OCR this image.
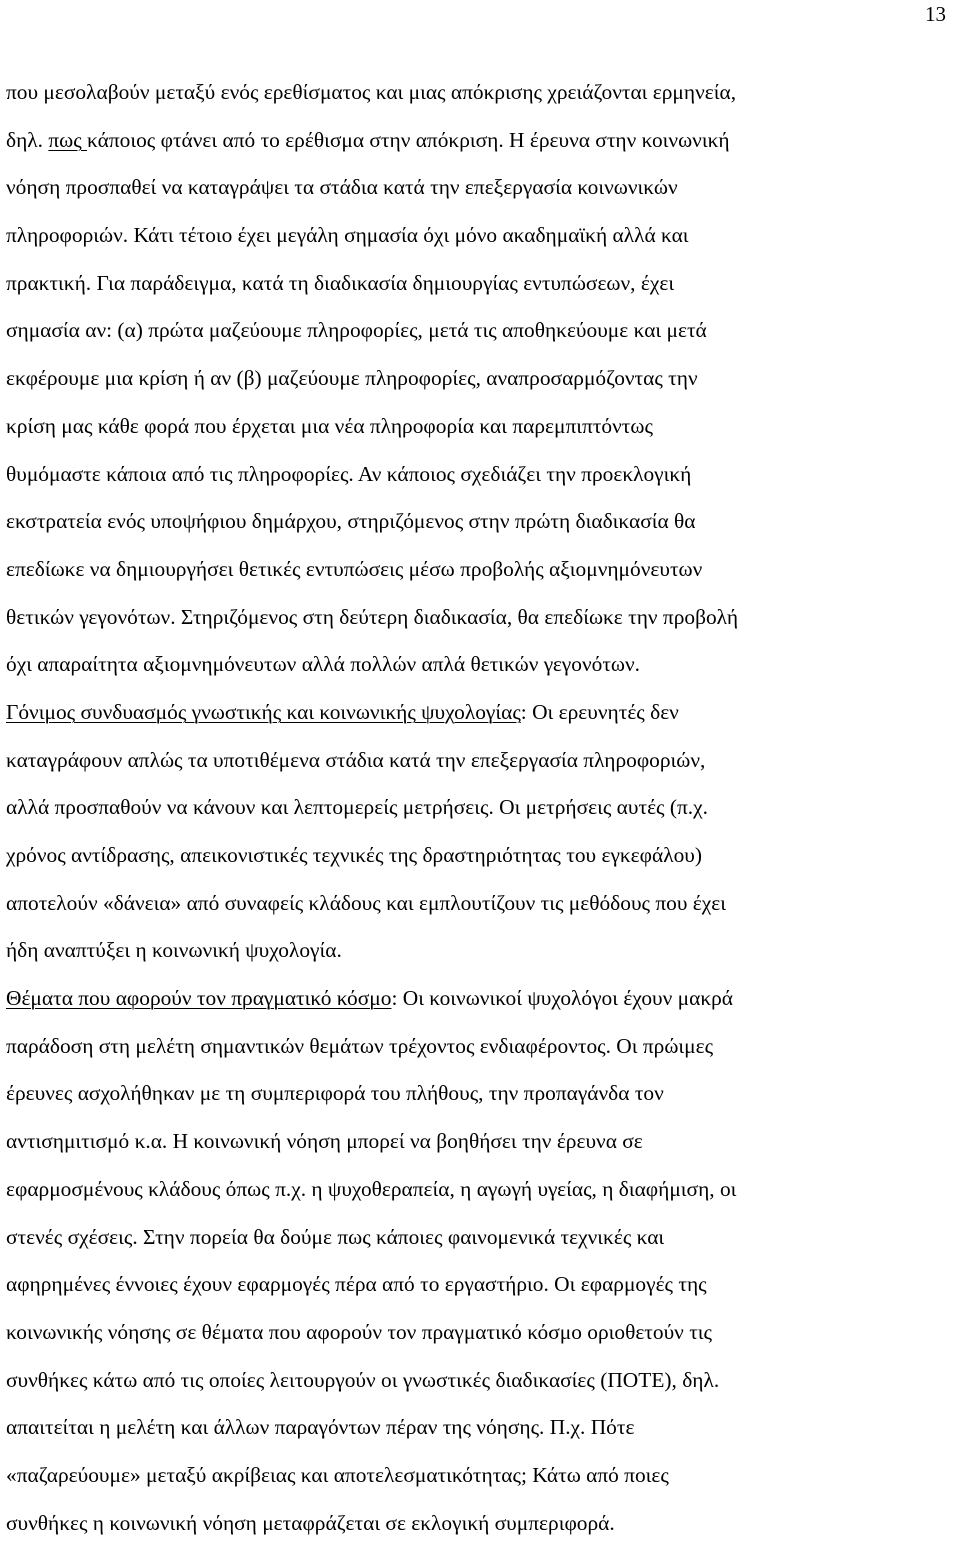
13
που μεσολαβούν μεταξύ ενός ερεθίσματος και μιας απόκρισης χρειάζονται ερμηνεία,
δηλ. πως κάποιος φτάνει από το ερέθισμα στην απόκριση. Η έρευνα στην κοινωνική
νόηση προσπαθεί να καταγράψει τα στάδια κατά την επεξεργασία κοινωνικών
πληροφοριών. Κάτι τέτοιο έχει μεγάλη σημασία όχι μόνο ακαδημαϊκή αλλά και
πρακτική. Για παράδειγμα, κατά τη διαδικασία δημιουργίας εντυπώσεων, έχει
σημασία αν: (α) πρώτα μαζεύουμε πληροφορίες, μετά τις αποθηκεύουμε και μετά
εκφέρουμε μια κρίση ή αν (β) μαζεύουμε πληροφορίες, αναπροσαρμόζοντας την
κρίση μας κάθε φορά που έρχεται μια νέα πληροφορία και παρεμπιπτόντως
θυμόμαστε κάποια από τις πληροφορίες. Αν κάποιος σχεδιάζει την προεκλογική
εκστρατεία ενός υποψήφιου δημάρχου, στηριζόμενος στην πρώτη διαδικασία θα
επεδίωκε να δημιουργήσει θετικές εντυπώσεις μέσω προβολής αξιομνημόνευτων
θετικών γεγονότων. Στηριζόμενος στη δεύτερη διαδικασία, θα επεδίωκε την προβολή
όχι απαραίτητα αξιομνημόνευτων αλλά πολλών απλά θετικών γεγονότων.
Γόνιμος συνδυασμός γνωστικής και κοινωνικής ψυχολογίας: Οι ερευνητές δεν
καταγράφουν απλώς τα υποτιθέμενα στάδια κατά την επεξεργασία πληροφοριών,
αλλά προσπαθούν να κάνουν και λεπτομερείς μετρήσεις. Οι μετρήσεις αυτές (π.χ.
χρόνος αντίδρασης, απεικονιστικές τεχνικές της δραστηριότητας του εγκεφάλου)
αποτελούν «δάνεια» από συναφείς κλάδους και εμπλουτίζουν τις μεθόδους που έχει
ήδη αναπτύξει η κοινωνική ψυχολογία.
Θέματα που αφορούν τον πραγματικό κόσμο: Οι κοινωνικοί ψυχολόγοι έχουν μακρά
παράδοση στη μελέτη σημαντικών θεμάτων τρέχοντος ενδιαφέροντος. Οι πρώιμες
έρευνες ασχολήθηκαν με τη συμπεριφορά του πλήθους, την προπαγάνδα τον
αντισημιτισμό κ.α. Η κοινωνική νόηση μπορεί να βοηθήσει την έρευνα σε
εφαρμοσμένους κλάδους όπως π.χ. η ψυχοθεραπεία, η αγωγή υγείας, η διαφήμιση, οι
στενές σχέσεις. Στην πορεία θα δούμε πως κάποιες φαινομενικά τεχνικές και
αφηρημένες έννοιες έχουν εφαρμογές πέρα από το εργαστήριο. Οι εφαρμογές της
κοινωνικής νόησης σε θέματα που αφορούν τον πραγματικό κόσμο οριοθετούν τις
συνθήκες κάτω από τις οποίες λειτουργούν οι γνωστικές διαδικασίες (ΠΟΤΕ), δηλ.
απαιτείται η μελέτη και άλλων παραγόντων πέραν της νόησης. Π.χ. Πότε
«παζαρεύουμε» μεταξύ ακρίβειας και αποτελεσματικότητας; Κάτω από ποιες
συνθήκες η κοινωνική νόηση μεταφράζεται σε εκλογική συμπεριφορά.
